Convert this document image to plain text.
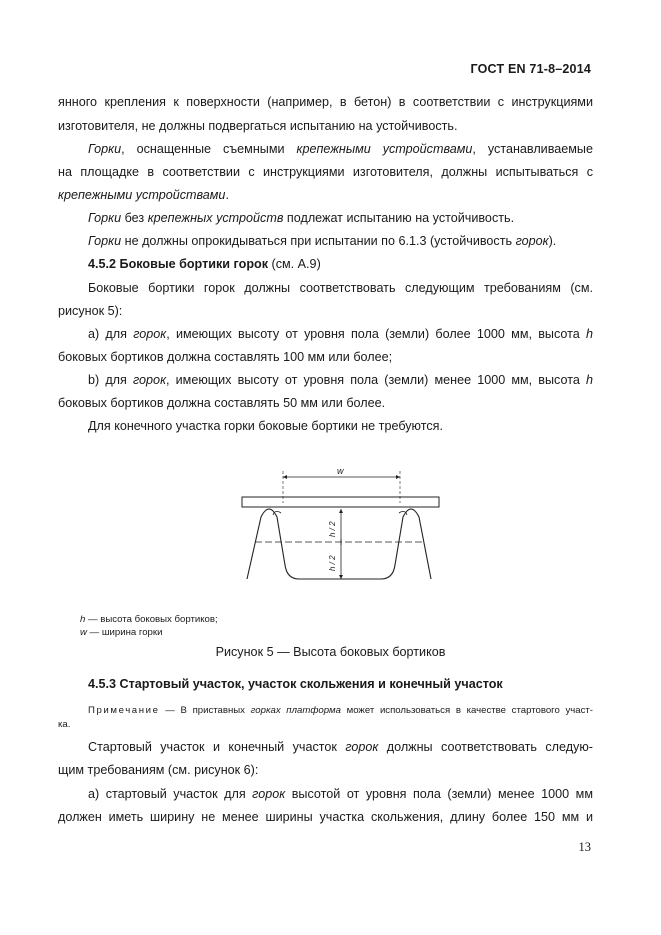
ГОСТ EN 71-8–2014
янного крепления к поверхности (например, в бетон) в соответствии с инструкциями
изготовителя, не должны подвергаться испытанию на устойчивость.
Горки, оснащенные съемными крепежными устройствами, устанавливаемые
на площадке в соответствии с инструкциями изготовителя, должны испытываться с
крепежными устройствами.
Горки без крепежных устройств подлежат испытанию на устойчивость.
Горки не должны опрокидываться при испытании по 6.1.3 (устойчивость горок).
4.5.2 Боковые бортики горок (см. А.9)
Боковые бортики горок должны соответствовать следующим требованиям (см.
рисунок 5):
а) для горок, имеющих высоту от уровня пола (земли) более 1000 мм, высота h
боковых бортиков должна составлять 100 мм или более;
b) для горок, имеющих высоту от уровня пола (земли) менее 1000 мм, высота h
боковых бортиков должна составлять 50 мм или более.
Для конечного участка горки боковые бортики не требуются.
w
h / 2
h / 2
h — высота боковых бортиков;
w — ширина горки
Рисунок 5 — Высота боковых бортиков
4.5.3 Стартовый участок, участок скольжения и конечный участок
Примечание — В приставных горках платформа может использоваться в качестве стартового участ-
ка.
Стартовый участок и конечный участок горок должны соответствовать следую-
щим требованиям (см. рисунок 6):
а) стартовый участок для горок высотой от уровня пола (земли) менее 1000 мм
должен иметь ширину не менее ширины участка скольжения, длину более 150 мм и
13
